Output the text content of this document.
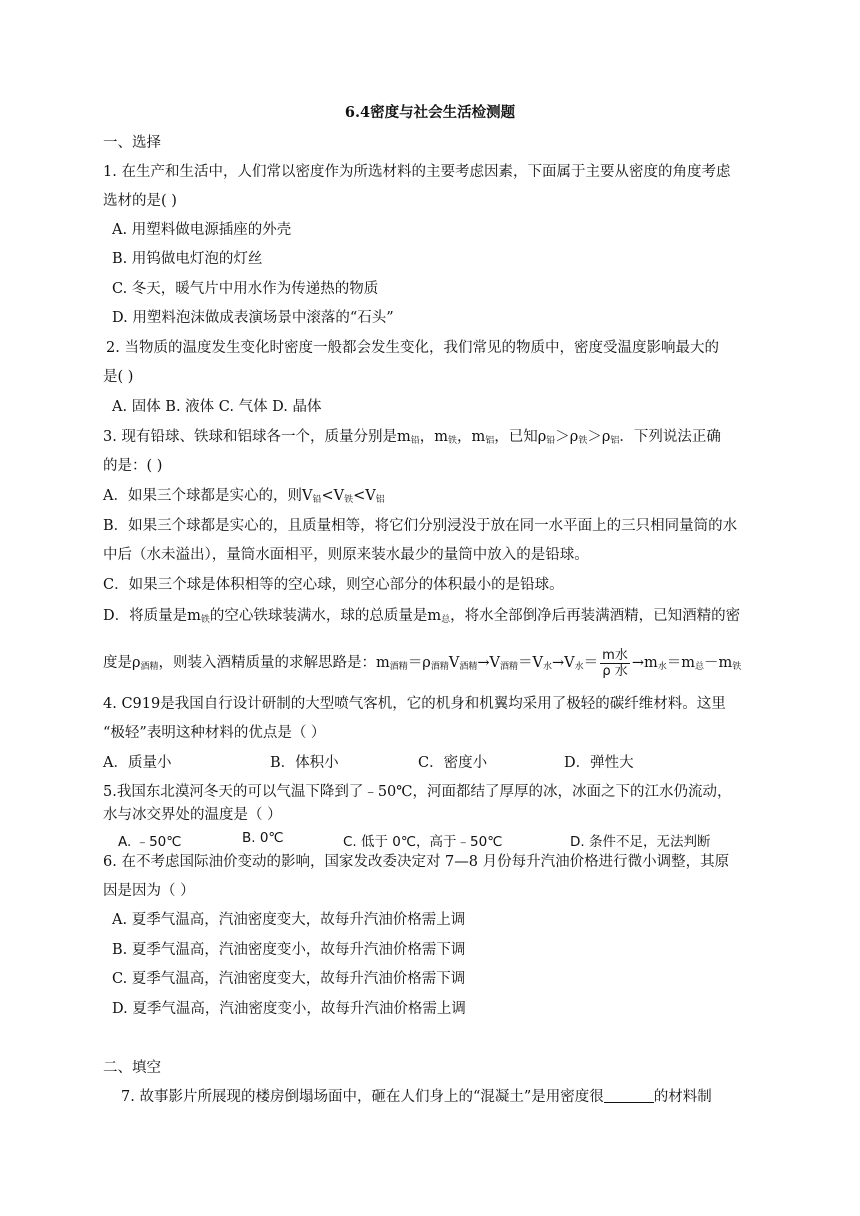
6.4密度与社会生活检测题
一、选择
1. 在生产和生活中，人们常以密度作为所选材料的主要考虑因素，下面属于主要从密度的角度考虑
选材的是( )
A. 用塑料做电源插座的外壳
B. 用钨做电灯泡的灯丝
C. 冬天，暖气片中用水作为传递热的物质
D. 用塑料泡沫做成表演场景中滚落的“石头”
2. 当物质的温度发生变化时密度一般都会发生变化，我们常见的物质中，密度受温度影响最大的
是( )
A. 固体 B. 液体 C. 气体 D. 晶体
3. 现有铅球、铁球和铝球各一个，质量分别是$m_铅$，$m_铁$，$m_铝$，已知$\rho_铅>\rho_铁>\rho_铝$．下列说法正确
的是：( )
A．如果三个球都是实心的，则$V_铅<V_铁<V_铝$
B．如果三个球都是实心的，且质量相等，将它们分别浸没于放在同一水平面上的三只相同量筒的水
中后（水未溢出），量筒水面相平，则原来装水最少的量筒中放入的是铅球。
C．如果三个球是体积相等的空心球，则空心部分的体积最小的是铅球。
D．将质量是$m_铁$的空心铁球装满水，球的总质量是$m_总$，将水全部倒净后再装满酒精，已知酒精的密
度是$\rho_{酒精}$，则装入酒精质量的求解思路是：$m_{酒精}=\rho_{酒精}V_{酒精}\to V_{酒精}=V_水\to V_水= \frac{\text{m水}}{\text{ρ 水}} \to m_水=m_总-m_铁$
4. C919是我国自行设计研制的大型喷气客机，它的机身和机翼均采用了极轻的碳纤维材料。这里
“极轻”表明这种材料的优点是（ ）
A．质量小	B．体积小	C．密度小	D．弹性大
5.我国东北漠河冬天的可以气温下降到了﹣50℃，河面都结了厚厚的冰，冰面之下的江水仍流动，
水与冰交界处的温度是（ ）
A. ﹣50℃	B. 0℃	C. 低于 0℃，高于﹣50℃	D. 条件不足，无法判断
6. 在不考虑国际油价变动的影响，国家发改委决定对 7—8 月份每升汽油价格进行微小调整，其原
因是因为（ ）
A. 夏季气温高，汽油密度变大，故每升汽油价格需上调
B. 夏季气温高，汽油密度变小，故每升汽油价格需下调
C. 夏季气温高，汽油密度变大，故每升汽油价格需下调
D. 夏季气温高，汽油密度变小，故每升汽油价格需上调
二、填空
7. 故事影片所展现的楼房倒塌场面中，砸在人们身上的“混凝土”是用密度很	的材料制
